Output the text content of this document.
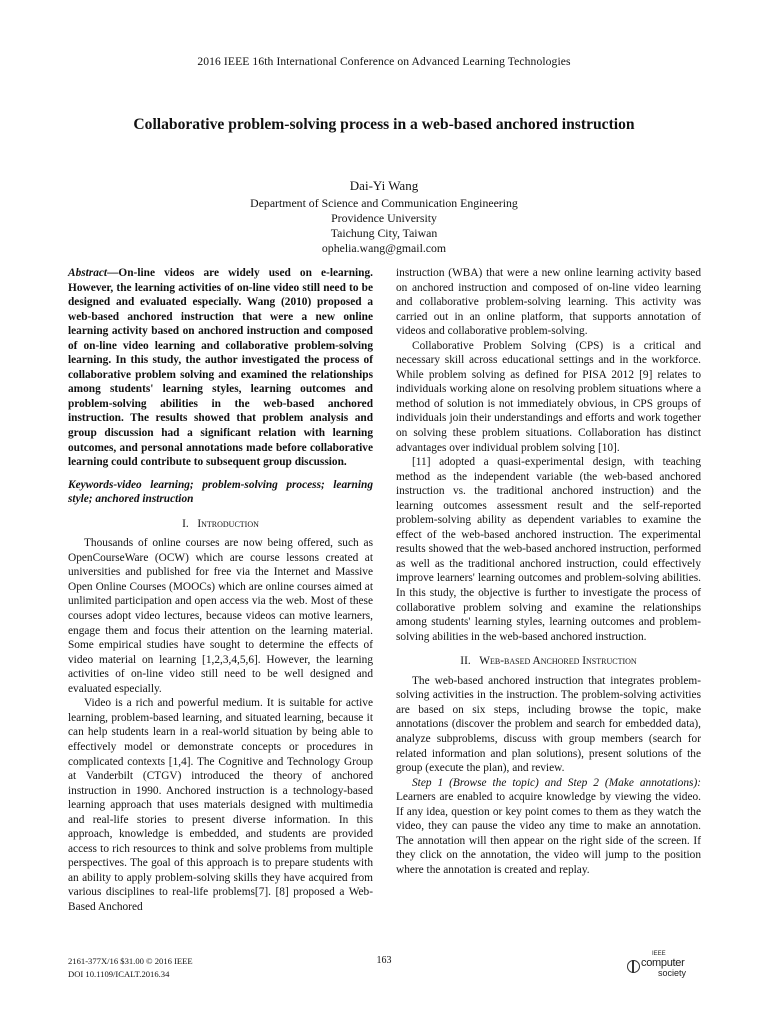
2016 IEEE 16th International Conference on Advanced Learning Technologies
Collaborative problem-solving process in a web-based anchored instruction
Dai-Yi Wang
Department of Science and Communication Engineering
Providence University
Taichung City, Taiwan
ophelia.wang@gmail.com

Abstract—On-line videos are widely used on e-learning. However, the learning activities of on-line video still need to be designed and evaluated especially. Wang (2010) proposed a web-based anchored instruction that were a new online learning activity based on anchored instruction and composed of on-line video learning and collaborative problem-solving learning. In this study, the author investigated the process of collaborative problem solving and examined the relationships among students' learning styles, learning outcomes and problem-solving abilities in the web-based anchored instruction. The results showed that problem analysis and group discussion had a significant relation with learning outcomes, and personal annotations made before collaborative learning could contribute to subsequent group discussion.

Keywords-video learning; problem-solving process; learning style; anchored instruction

I. Introduction

Thousands of online courses are now being offered, such as OpenCourseWare (OCW) which are course lessons created at universities and published for free via the Internet and Massive Open Online Courses (MOOCs) which are online courses aimed at unlimited participation and open access via the web. Most of these courses adopt video lectures, because videos can motive learners, engage them and focus their attention on the learning material. Some empirical studies have sought to determine the effects of video material on learning [1,2,3,4,5,6]. However, the learning activities of on-line video still need to be well designed and evaluated especially.

Video is a rich and powerful medium. It is suitable for active learning, problem-based learning, and situated learning, because it can help students learn in a real-world situation by being able to effectively model or demonstrate concepts or procedures in complicated contexts [1,4]. The Cognitive and Technology Group at Vanderbilt (CTGV) introduced the theory of anchored instruction in 1990. Anchored instruction is a technology-based learning approach that uses materials designed with multimedia and real-life stories to present diverse information. In this approach, knowledge is embedded, and students are provided access to rich resources to think and solve problems from multiple perspectives. The goal of this approach is to prepare students with an ability to apply problem-solving skills they have acquired from various disciplines to real-life problems[7]. [8] proposed a Web-Based Anchored

instruction (WBA) that were a new online learning activity based on anchored instruction and composed of on-line video learning and collaborative problem-solving learning. This activity was carried out in an online platform, that supports annotation of videos and collaborative problem-solving.

Collaborative Problem Solving (CPS) is a critical and necessary skill across educational settings and in the workforce. While problem solving as defined for PISA 2012 [9] relates to individuals working alone on resolving problem situations where a method of solution is not immediately obvious, in CPS groups of individuals join their understandings and efforts and work together on solving these problem situations. Collaboration has distinct advantages over individual problem solving [10].

[11] adopted a quasi-experimental design, with teaching method as the independent variable (the web-based anchored instruction vs. the traditional anchored instruction) and the learning outcomes assessment result and the self-reported problem-solving ability as dependent variables to examine the effect of the web-based anchored instruction. The experimental results showed that the web-based anchored instruction, performed as well as the traditional anchored instruction, could effectively improve learners' learning outcomes and problem-solving abilities. In this study, the objective is further to investigate the process of collaborative problem solving and examine the relationships among students' learning styles, learning outcomes and problem-solving abilities in the web-based anchored instruction.

II. Web-based Anchored Instruction

The web-based anchored instruction that integrates problem-solving activities in the instruction. The problem-solving activities are based on six steps, including browse the topic, make annotations (discover the problem and search for embedded data), analyze subproblems, discuss with group members (search for related information and plan solutions), present solutions of the group (execute the plan), and review.

Step 1 (Browse the topic) and Step 2 (Make annotations): Learners are enabled to acquire knowledge by viewing the video. If any idea, question or key point comes to them as they watch the video, they can pause the video any time to make an annotation. The annotation will then appear on the right side of the screen. If they click on the annotation, the video will jump to the position where the annotation is created and replay.

2161-377X/16 $31.00 © 2016 IEEE
DOI 10.1109/ICALT.2016.34
163
IEEE
computer
society
